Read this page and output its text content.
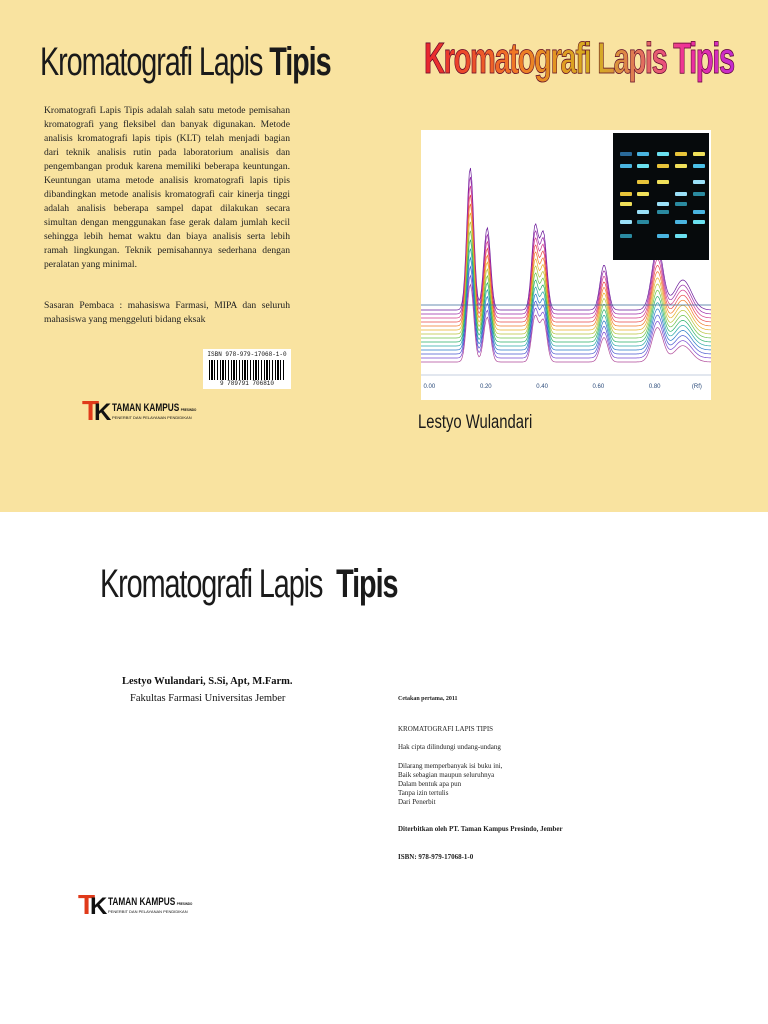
Kromatografi Lapis Tipis

Kromatografi Lapis Tipis adalah salah satu metode pemisahan kromatografi yang fleksibel dan banyak digunakan. Metode analisis kromatografi lapis tipis (KLT) telah menjadi bagian dari teknik analisis rutin pada laboratorium analisis dan pengembangan produk karena memiliki beberapa keuntungan. Keuntungan utama metode analisis kromatografi lapis tipis dibandingkan metode analisis kromatografi cair kinerja tinggi adalah analisis beberapa sampel dapat dilakukan secara simultan dengan menggunakan fase gerak dalam jumlah kecil sehingga lebih hemat waktu dan biaya analisis serta lebih ramah lingkungan. Teknik pemisahannya sederhana dengan peralatan yang minimal.

Sasaran Pembaca : mahasiswa Farmasi, MIPA dan seluruh mahasiswa yang menggeluti bidang eksak

ISBN 978-979-17068-1-0
9 789791 706810
T
K TAMAN KAMPUS PRESINDO
PENERBIT DAN PELAYANAN PENDIDIKAN
Kromatografi Lapis Tipis
0.00	0.20	0.40	0.60	0.80	(Rf)
Lestyo Wulandari
Kromatografi Lapis Tipis
Lestyo Wulandari, S.Si, Apt, M.Farm.
Fakultas Farmasi Universitas Jember
T
K TAMAN KAMPUS PRESINDO
PENERBIT DAN PELAYANAN PENDIDIKAN
Cetakan pertama, 2011
KROMATOGRAFI LAPIS TIPIS
Hak cipta dilindungi undang-undang
Dilarang memperbanyak isi buku ini,
Baik sebagian maupun seluruhnya
Dalam bentuk apa pun
Tanpa izin tertulis
Dari Penerbit
Diterbitkan oleh PT. Taman Kampus Presindo, Jember
ISBN: 978-979-17068-1-0
